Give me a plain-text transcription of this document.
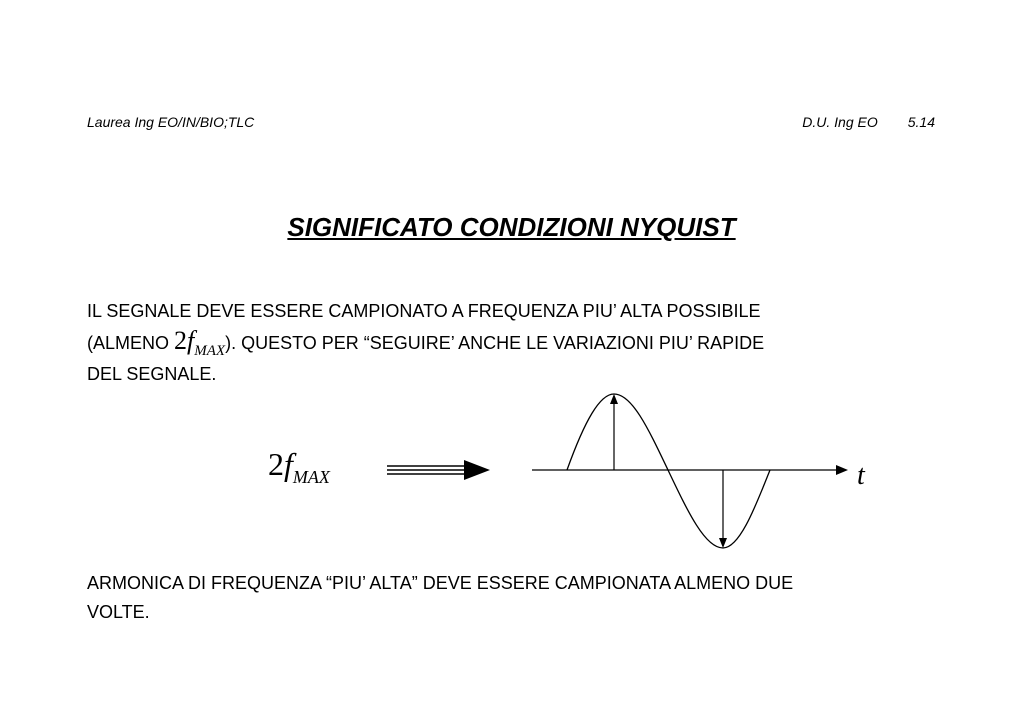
Laurea Ing EO/IN/BIO;TLC	D.U. Ing EO 5.14
SIGNIFICATO CONDIZIONI NYQUIST
IL SEGNALE DEVE ESSERE CAMPIONATO A FREQUENZA PIU’ ALTA POSSIBILE
(ALMENO $2f_{MAX}$). QUESTO PER “SEGUIRE’ ANCHE LE VARIAZIONI PIU’ RAPIDE
DEL SEGNALE.
2fMAX	t
ARMONICA DI FREQUENZA “PIU’ ALTA” DEVE ESSERE CAMPIONATA ALMENO DUE
VOLTE.
